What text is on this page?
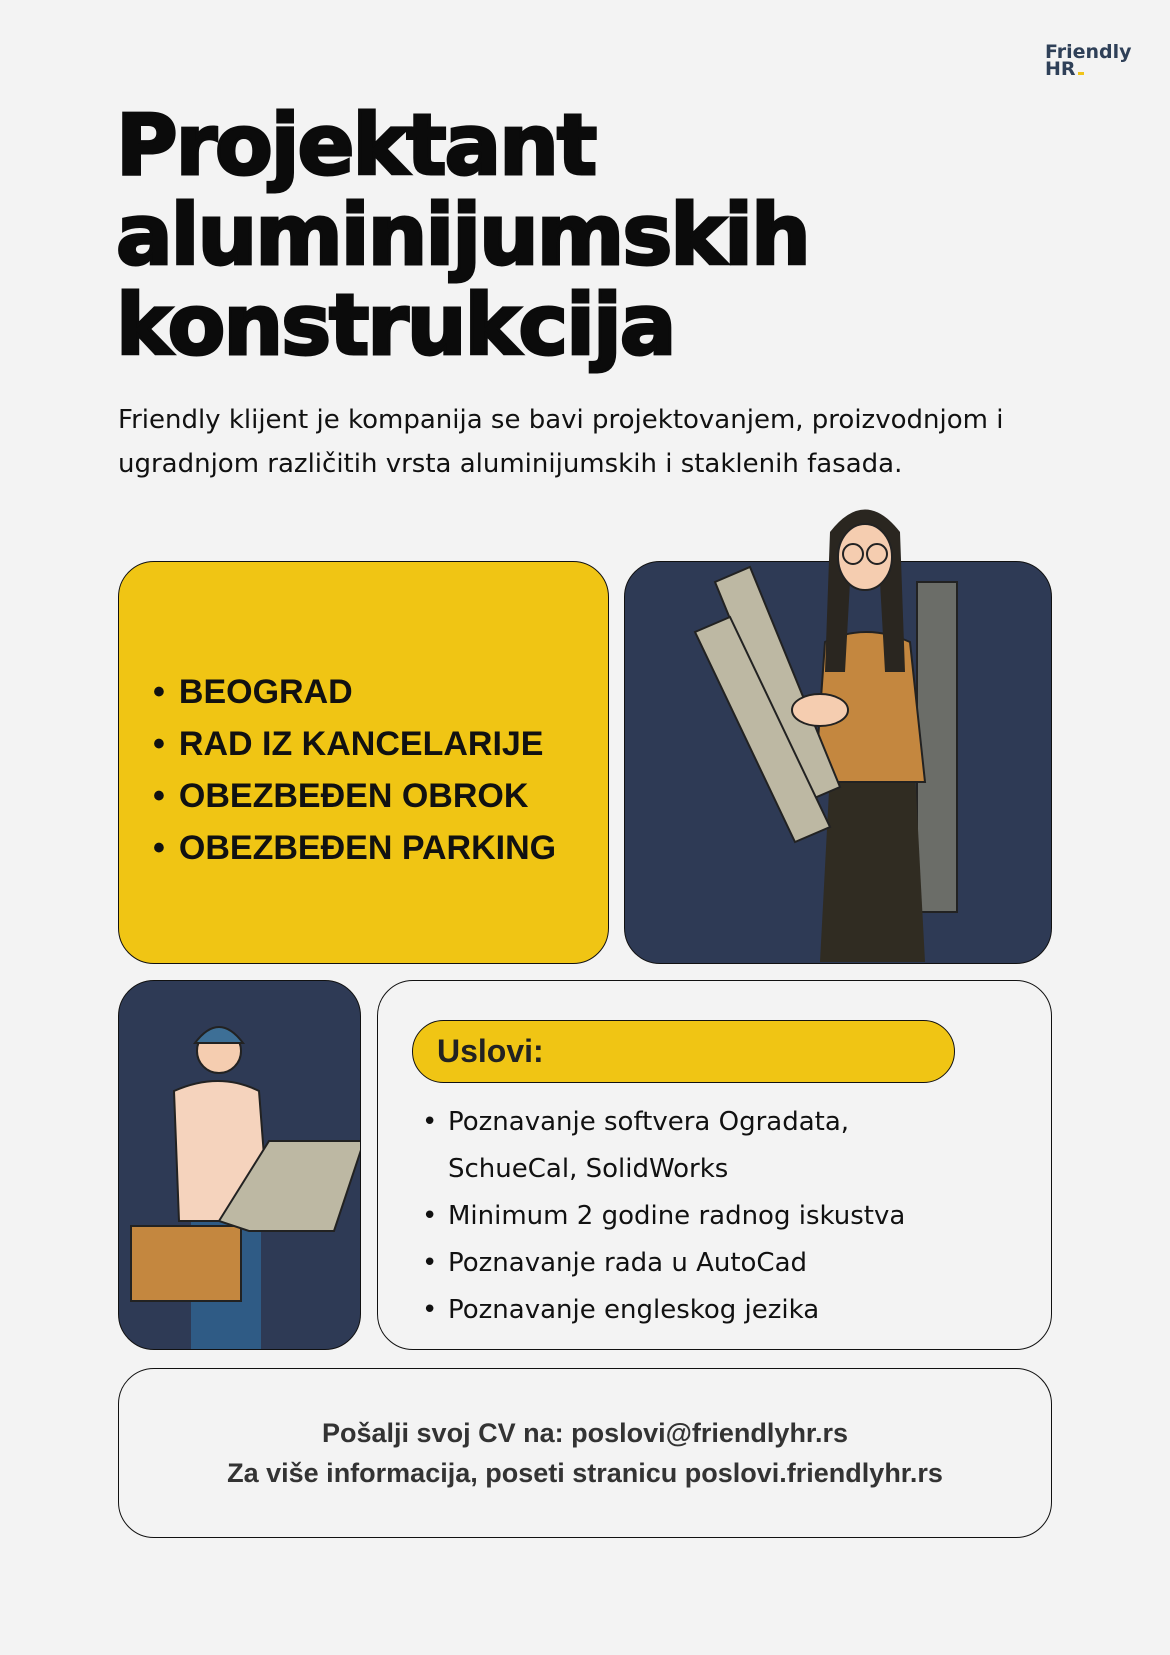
Friendly
HR
Projektant
aluminijumskih
konstrukcija

Friendly klijent je kompanija se bavi projektovanjem, proizvodnjom i ugradnjom različitih vrsta aluminijumskih i staklenih fasada.

• BEOGRAD
• RAD IZ KANCELARIJE
• OBEZBEĐEN OBROK
• OBEZBEĐEN PARKING
Uslovi:
• Poznavanje softvera Ogradata,
SchueCal, SolidWorks
• Minimum 2 godine radnog iskustva
• Poznavanje rada u AutoCad
• Poznavanje engleskog jezika
Pošalji svoj CV na: poslovi@friendlyhr.rs
Za više informacija, poseti stranicu poslovi.friendlyhr.rs
